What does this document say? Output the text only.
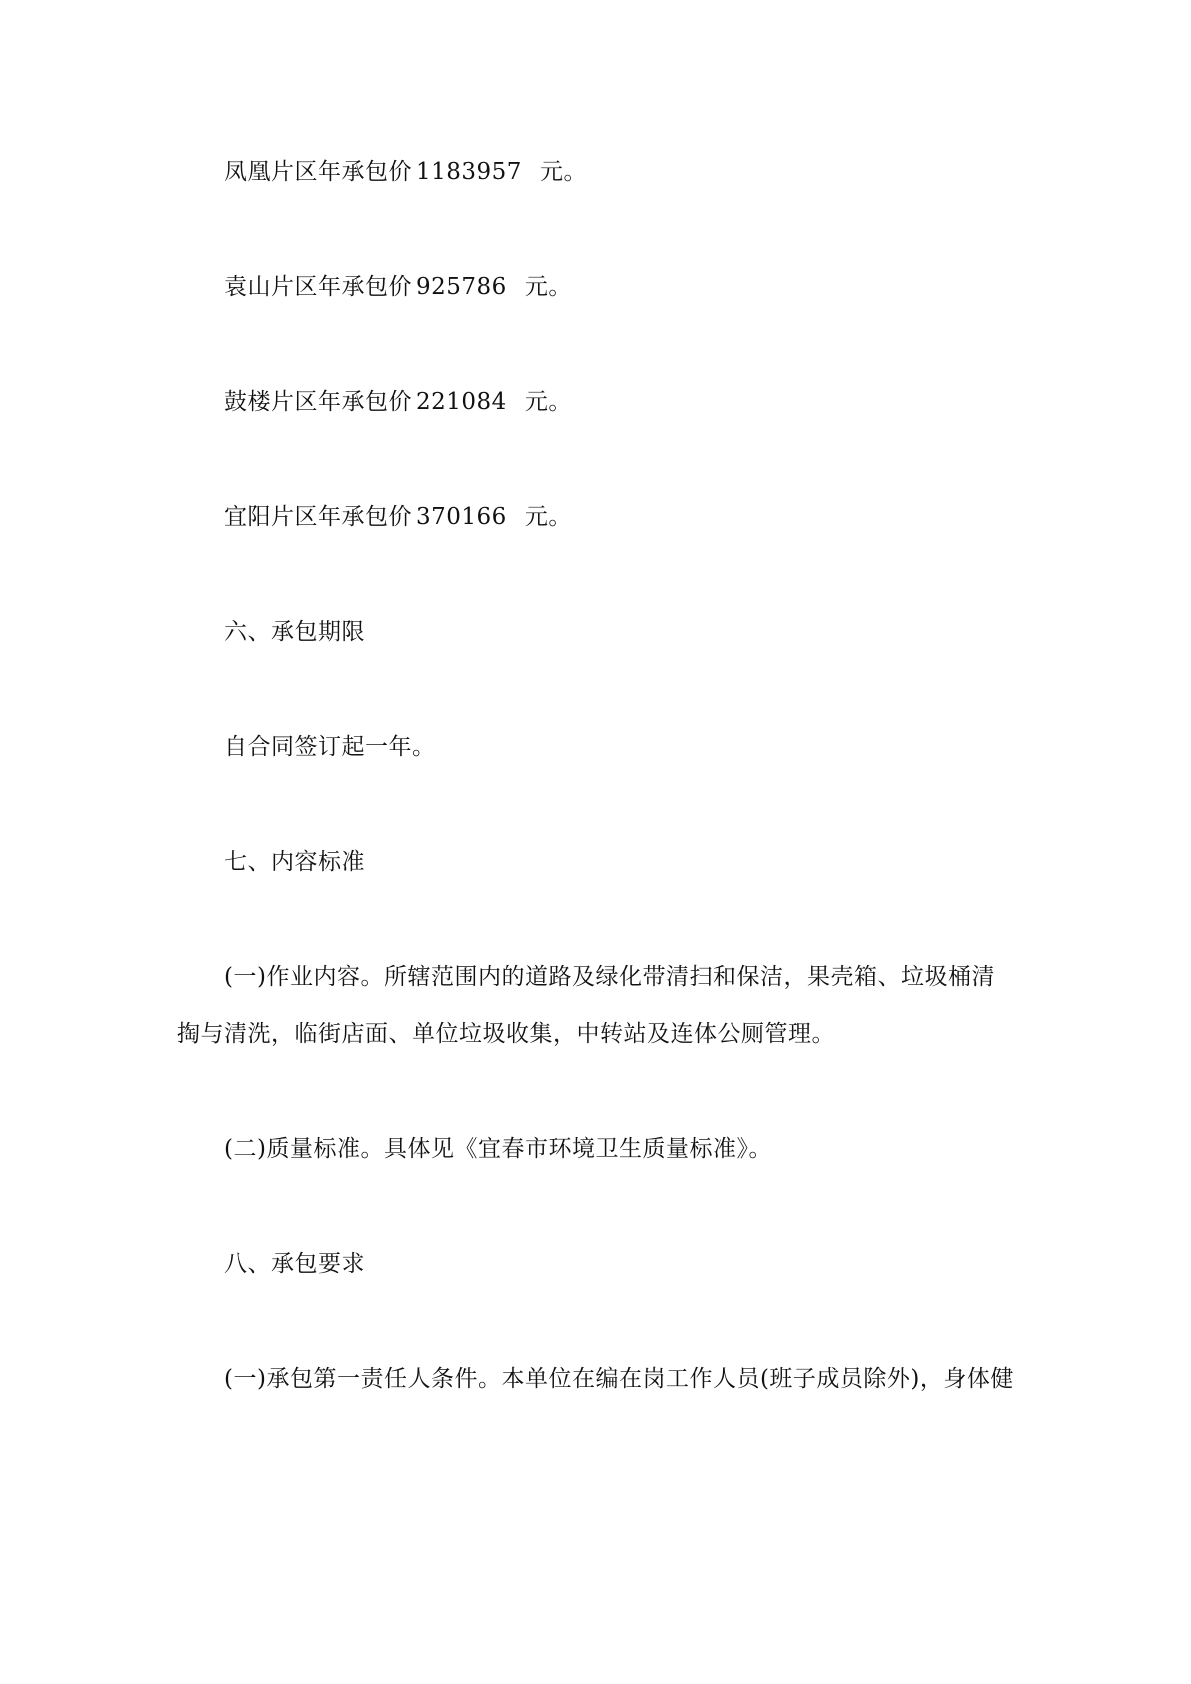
凤凰片区年承包价 1183957 元。
袁山片区年承包价 925786 元。
鼓楼片区年承包价 221084 元。
宜阳片区年承包价 370166 元。
六、承包期限
自合同签订起一年。
七、内容标准
(一)作业内容。所辖范围内的道路及绿化带清扫和保洁，果壳箱、垃圾桶清
掏与清洗，临街店面、单位垃圾收集，中转站及连体公厕管理。
(二)质量标准。具体见《宜春市环境卫生质量标准》。
八、承包要求
(一)承包第一责任人条件。本单位在编在岗工作人员(班子成员除外)，身体健
